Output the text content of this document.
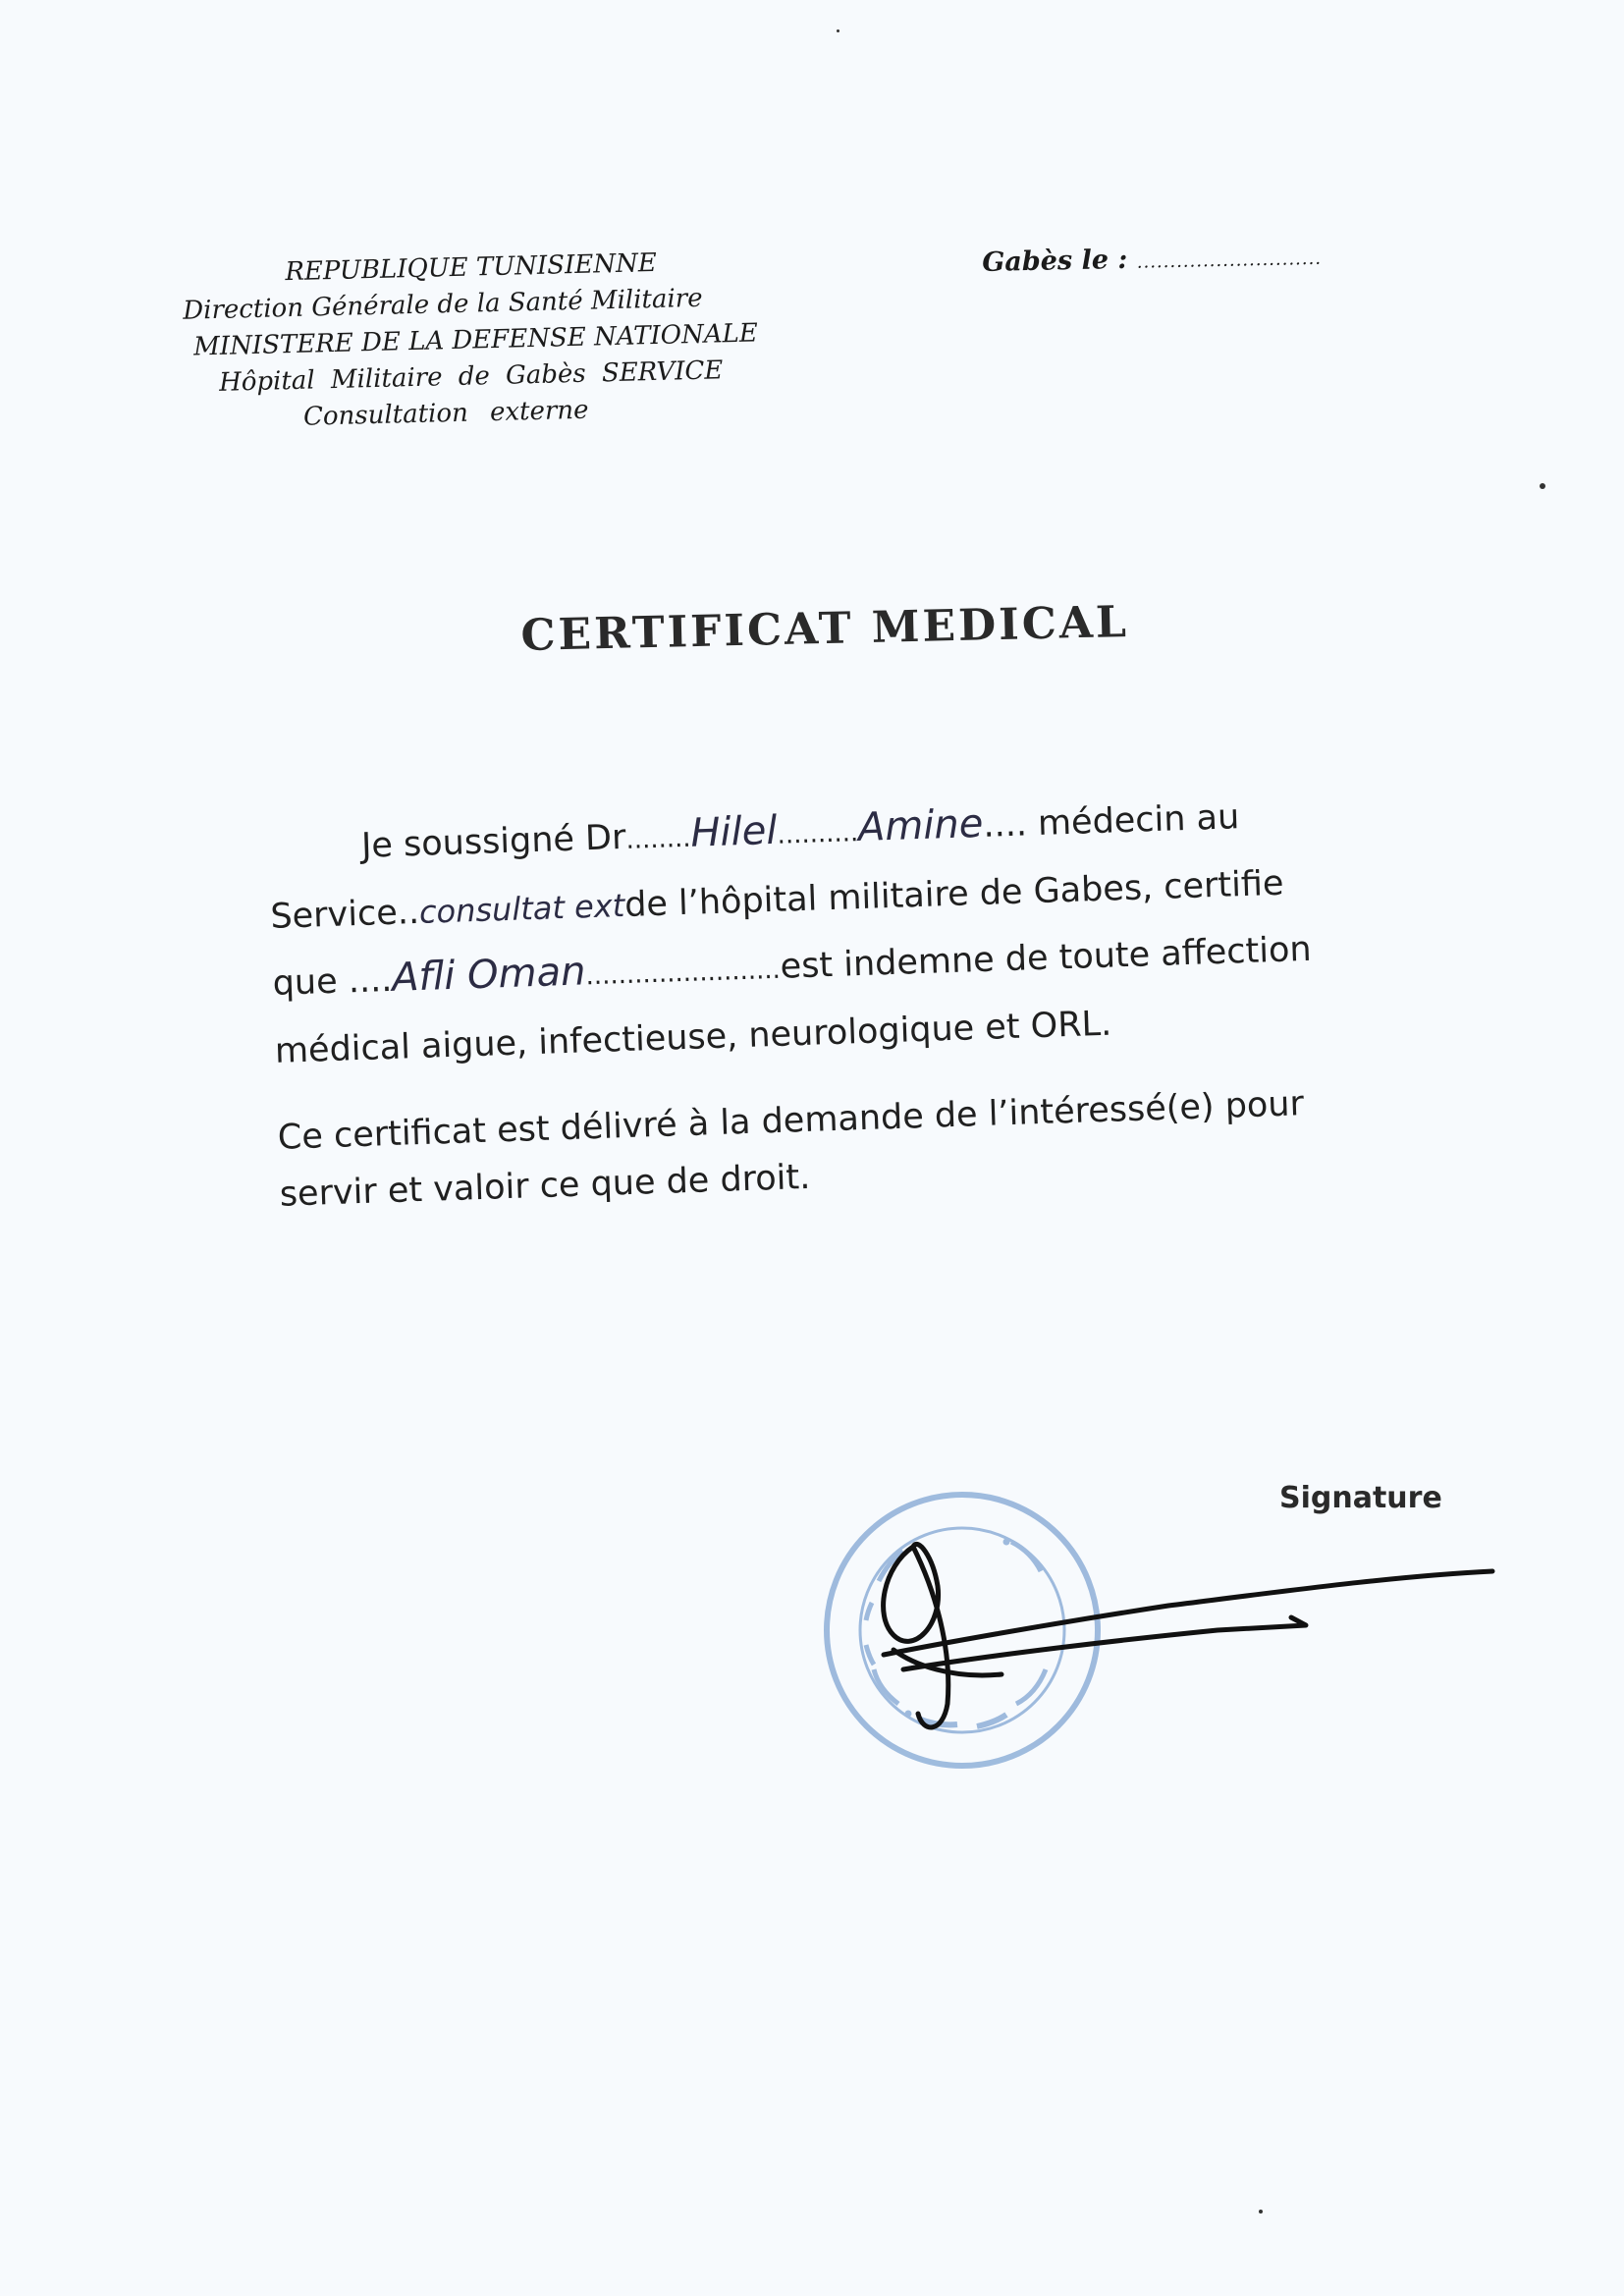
REPUBLIQUE TUNISIENNE
Direction Générale de la Santé Militaire
MINISTERE DE LA DEFENSE NATIONALE
Hôpital Militaire de Gabès SERVICE
Consultation externe
Gabès le : ............................
CERTIFICAT MEDICAL
Je soussigné Dr........Hilel..........Amine.... médecin au
Service..consultat extde l’hôpital militaire de Gabes, certifie
que ....Afli Oman........................est indemne de toute affection
médical aigue, infectieuse, neurologique et ORL.
Ce certificat est délivré à la demande de l’intéressé(e) pour
servir et valoir ce que de droit.
Signature
